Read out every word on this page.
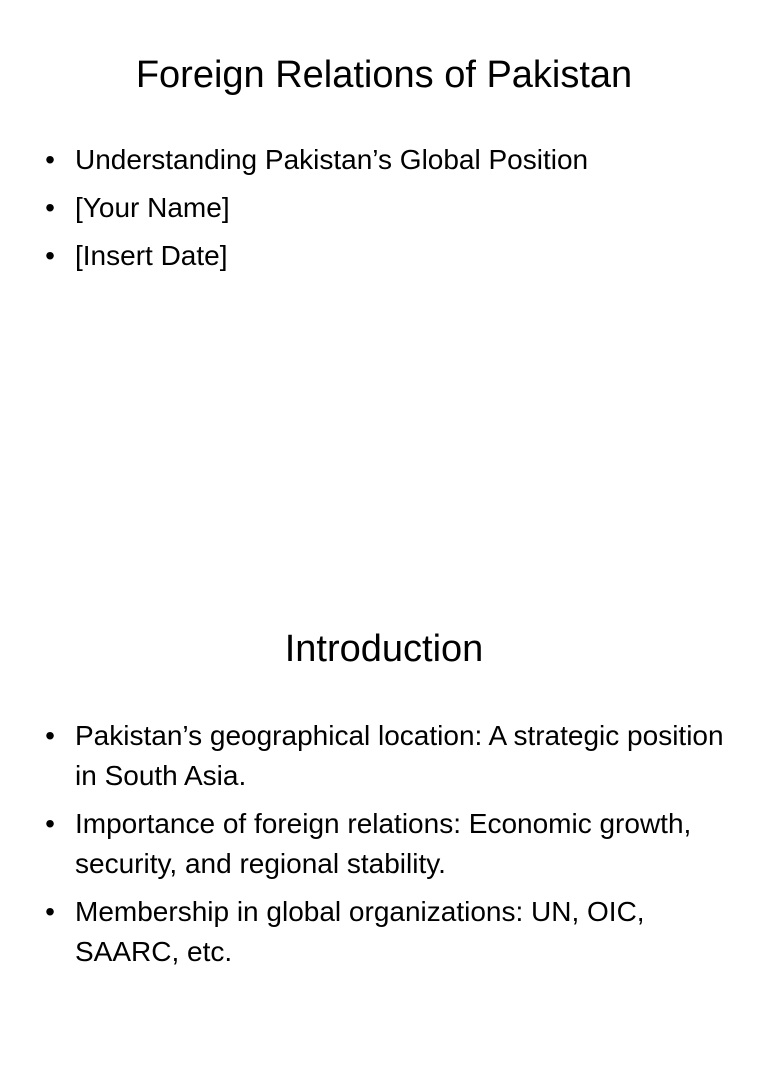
Foreign Relations of Pakistan
• Understanding Pakistan’s Global Position
• [Your Name]
• [Insert Date]
Introduction
• Pakistan’s geographical location: A strategic position in South Asia.
• Importance of foreign relations: Economic growth, security, and regional stability.
• Membership in global organizations: UN, OIC, SAARC, etc.
